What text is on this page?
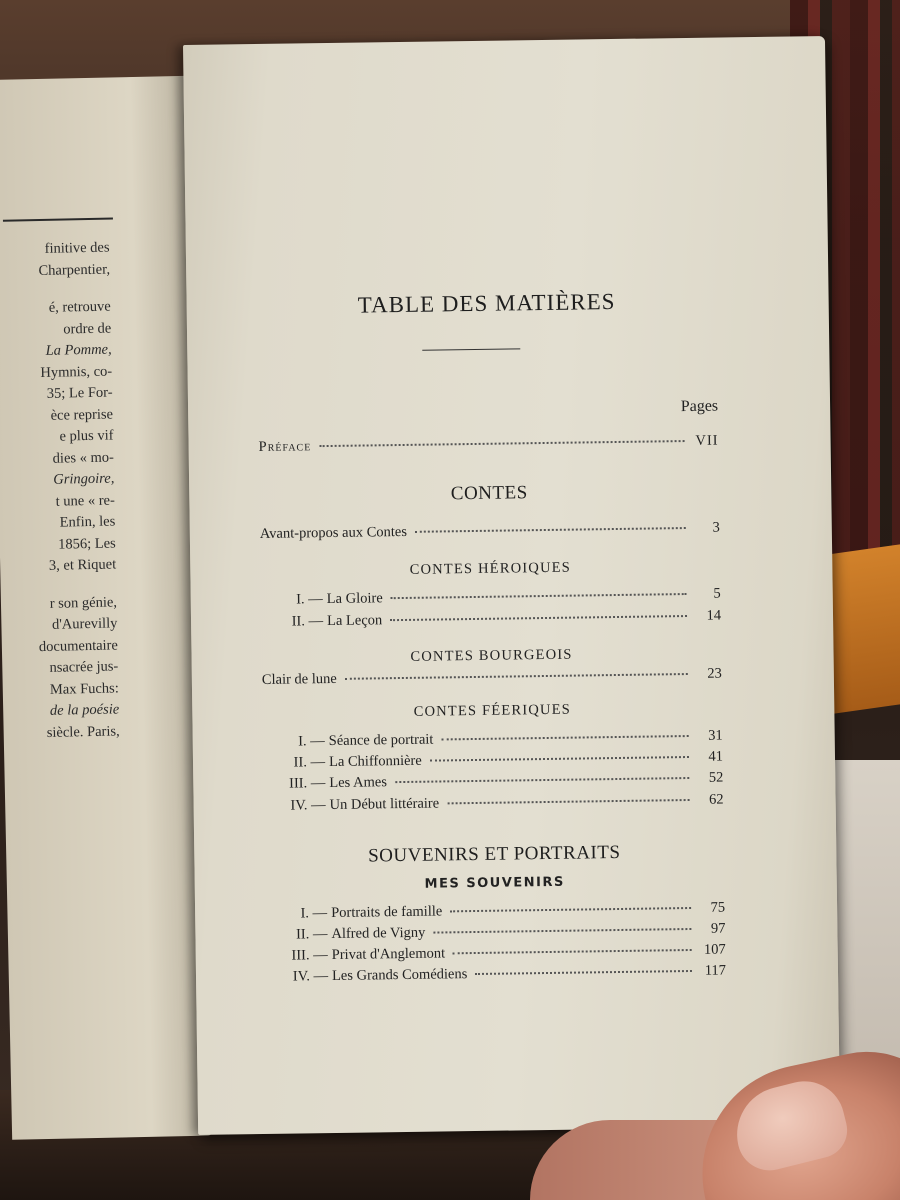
finitive des
Charpentier,
é, retrouve
ordre de
La Pomme,
Hymnis, co-
35; Le For-
èce reprise
e plus vif
dies « mo-
Gringoire,
t une « re-
Enfin, les
1856; Les
3, et Riquet
r son génie,
d'Aurevilly
documentaire
nsacrée jus-
Max Fuchs:
de la poésie
siècle. Paris,
TABLE DES MATIÈRES
Pages
Préface	VII
CONTES
Avant-propos aux Contes	3
CONTES HÉROIQUES
I. — La Gloire	5
II. — La Leçon	14
CONTES BOURGEOIS
Clair de lune	23
CONTES FÉERIQUES
I. — Séance de portrait	31
II. — La Chiffonnière	41
III. — Les Ames	52
IV. — Un Début littéraire	62
SOUVENIRS ET PORTRAITS
MES SOUVENIRS
I. — Portraits de famille	75
II. — Alfred de Vigny	97
III. — Privat d'Anglemont	107
IV. — Les Grands Comédiens	117
